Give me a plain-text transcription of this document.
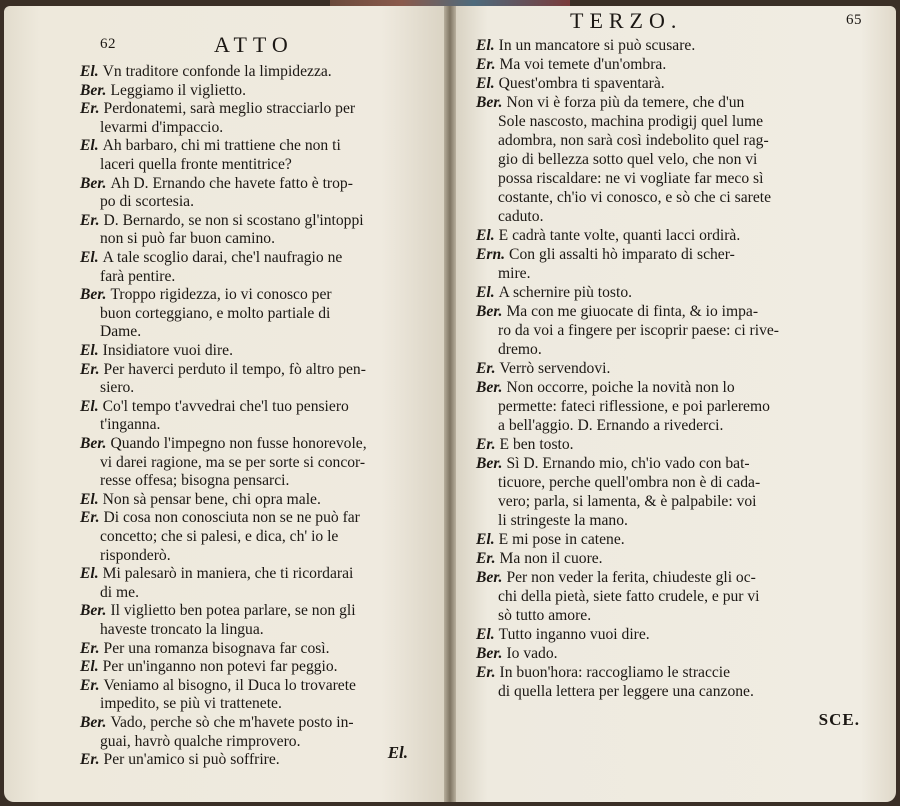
62	ATTO
El. Vn traditore confonde la limpidezza.
Ber. Leggiamo il viglietto.
Er. Perdonatemi, sarà meglio stracciarlo per
levarmi d'impaccio.
El. Ah barbaro, chi mi trattiene che non ti
laceri quella fronte mentitrice?
Ber. Ah D. Ernando che havete fatto è trop-
po di scortesia.
Er. D. Bernardo, se non si scostano gl'intoppi
non si può far buon camino.
El. A tale scoglio darai, che'l naufragio ne
farà pentire.
Ber. Troppo rigidezza, io vi conosco per
buon corteggiano, e molto partiale di
Dame.
El. Insidiatore vuoi dire.
Er. Per haverci perduto il tempo, fò altro pen-
siero.
El. Co'l tempo t'avvedrai che'l tuo pensiero
t'inganna.
Ber. Quando l'impegno non fusse honorevole,
vi darei ragione, ma se per sorte si concor-
resse offesa; bisogna pensarci.
El. Non sà pensar bene, chi opra male.
Er. Di cosa non conosciuta non se ne può far
concetto; che si palesi, e dica, ch' io le
risponderò.
El. Mi palesarò in maniera, che ti ricordarai
di me.
Ber. Il viglietto ben potea parlare, se non gli
haveste troncato la lingua.
Er. Per una romanza bisognava far così.
El. Per un'inganno non potevi far peggio.
Er. Veniamo al bisogno, il Duca lo trovarete
impedito, se più vi trattenete.
Ber. Vado, perche sò che m'havete posto in-
guai, havrò qualche rimprovero.
Er. Per un'amico si può soffrire.	El.
65
TERZO.
El. In un mancatore si può scusare.
Er. Ma voi temete d'un'ombra.
El. Quest'ombra ti spaventarà.
Ber. Non vi è forza più da temere, che d'un
Sole nascosto, machina prodigij quel lume
adombra, non sarà così indebolito quel rag-
gio di bellezza sotto quel velo, che non vi
possa riscaldare: ne vi vogliate far meco sì
costante, ch'io vi conosco, e sò che ci sarete
caduto.
El. E cadrà tante volte, quanti lacci ordirà.
Ern. Con gli assalti hò imparato di scher-
mire.
El. A schernire più tosto.
Ber. Ma con me giuocate di finta, & io impa-
ro da voi a fingere per iscoprir paese: ci rive-
dremo.
Er. Verrò servendovi.
Ber. Non occorre, poiche la novità non lo
permette: fateci riflessione, e poi parleremo
a bell'aggio. D. Ernando a rivederci.
Er. E ben tosto.
Ber. Sì D. Ernando mio, ch'io vado con bat-
ticuore, perche quell'ombra non è di cada-
vero; parla, si lamenta, & è palpabile: voi
li stringeste la mano.
El. E mi pose in catene.
Er. Ma non il cuore.
Ber. Per non veder la ferita, chiudeste gli oc-
chi della pietà, siete fatto crudele, e pur vi
sò tutto amore.
El. Tutto inganno vuoi dire.
Ber. Io vado.
Er. In buon'hora: raccogliamo le straccie
di quella lettera per leggere una canzone.
SCE.
